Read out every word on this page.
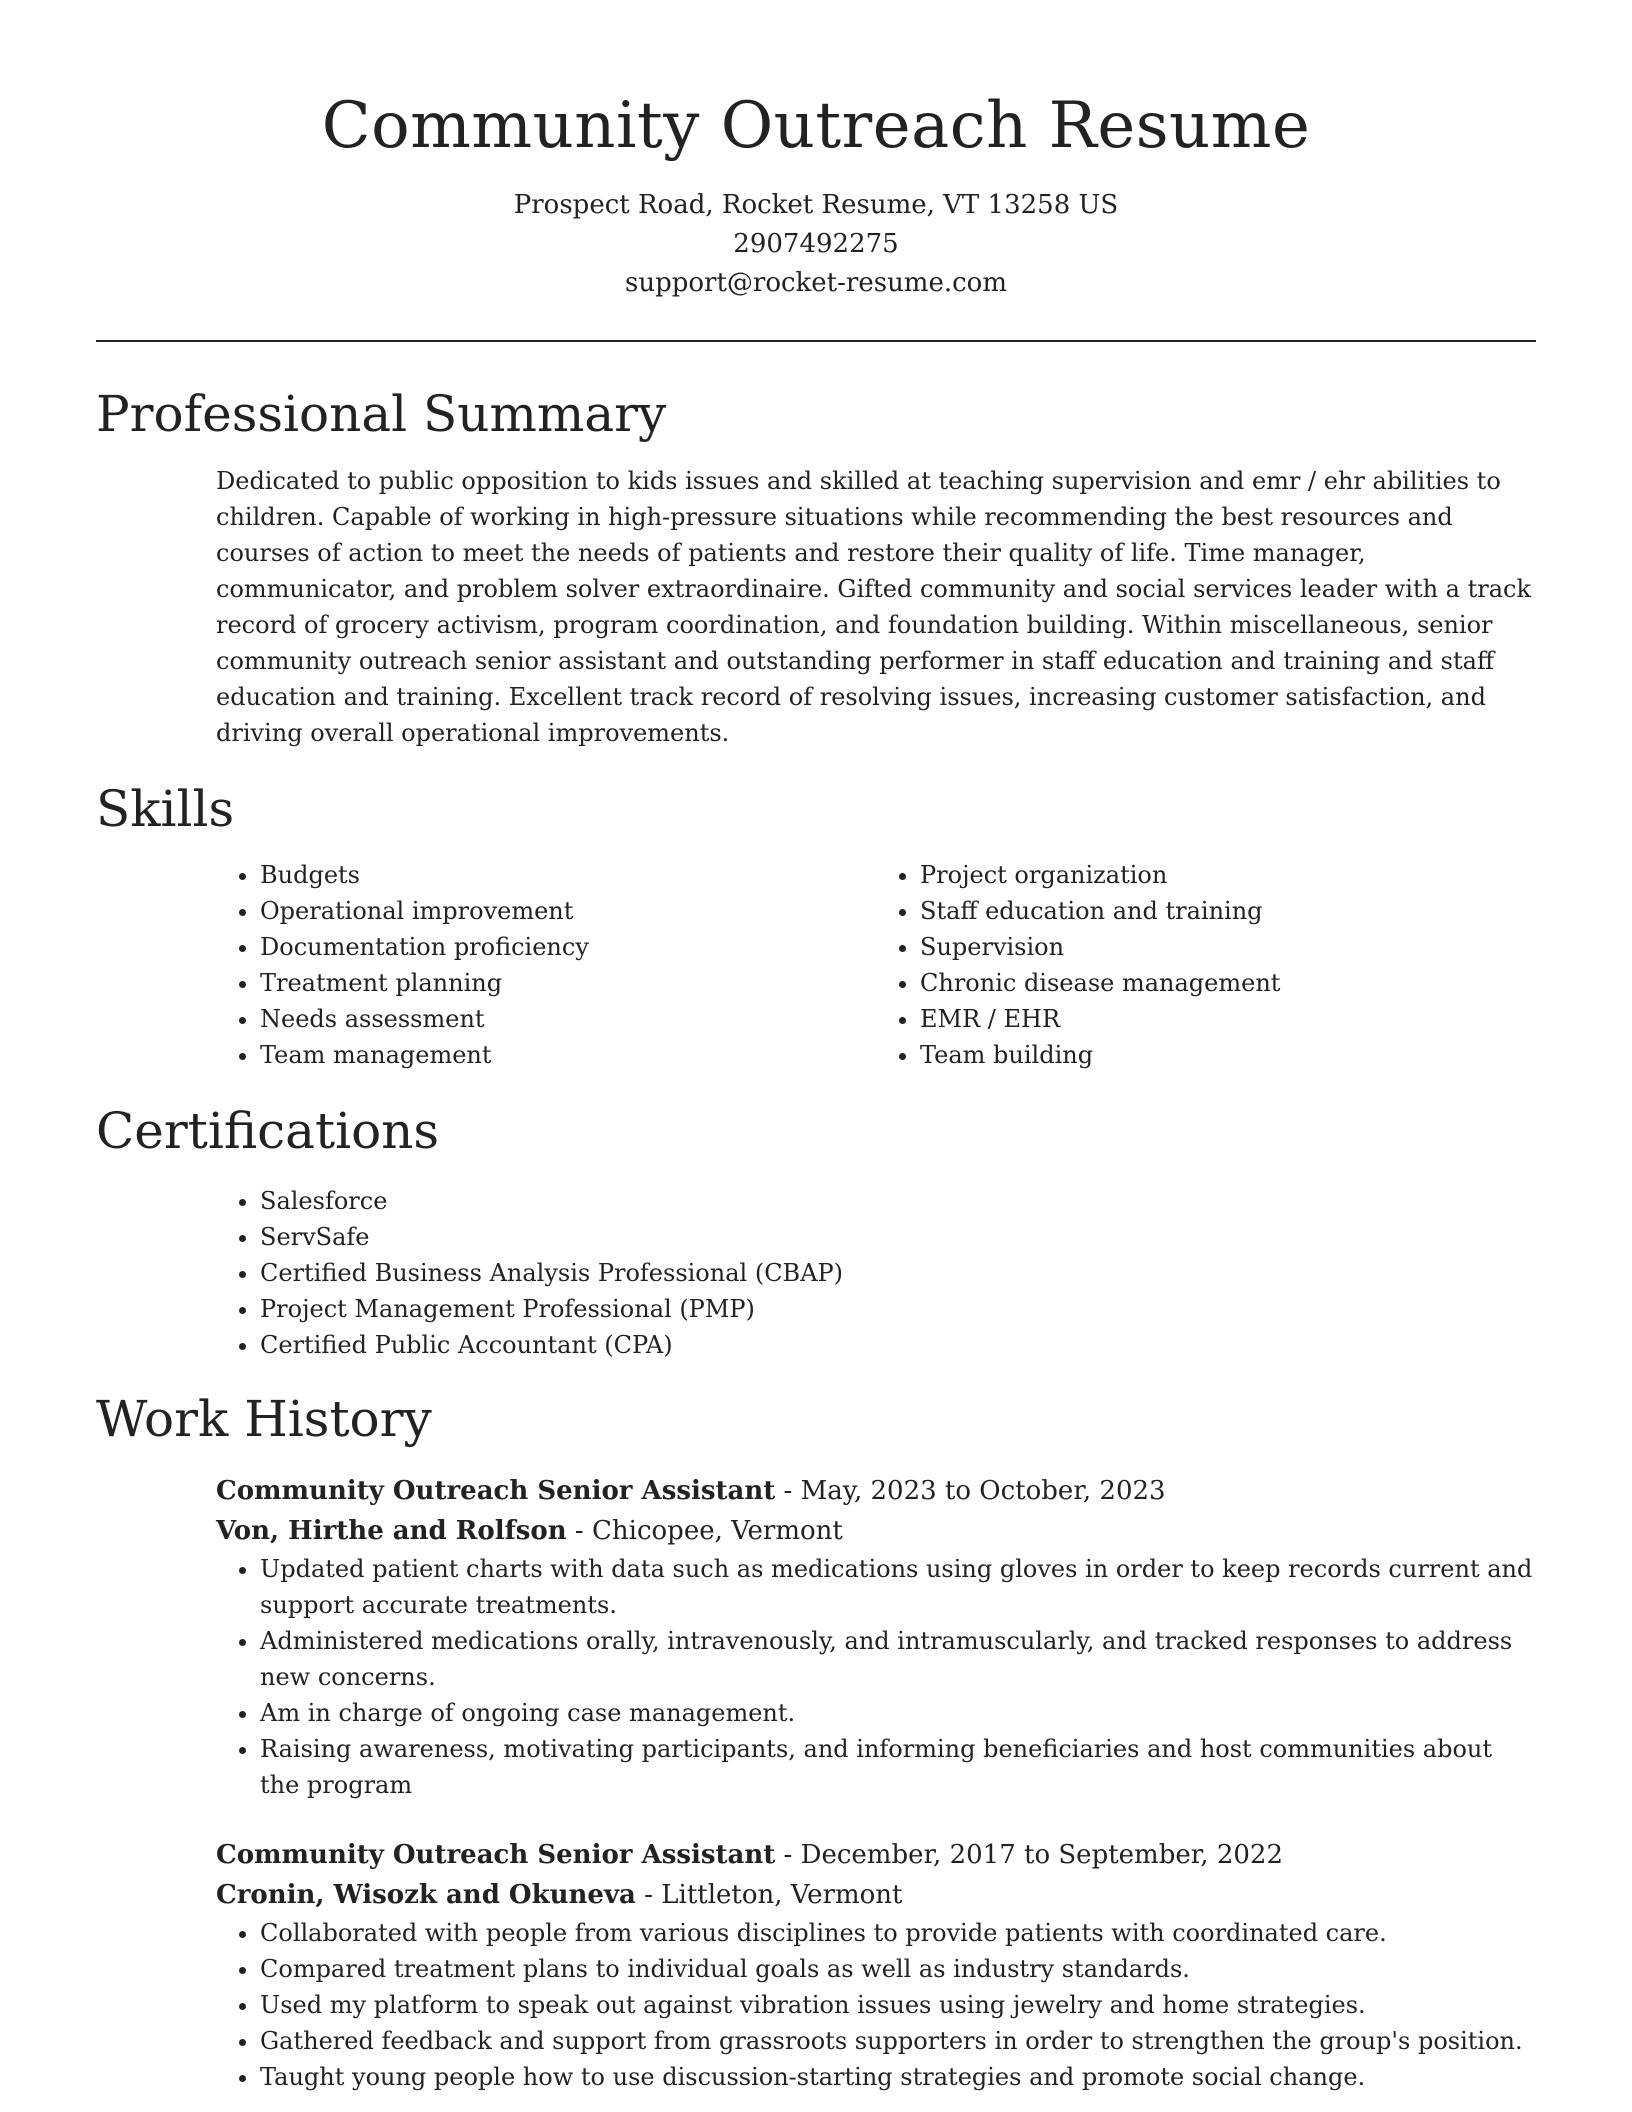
Community Outreach Resume
Prospect Road, Rocket Resume, VT 13258 US
2907492275
support@rocket-resume.com
Professional Summary

Dedicated to public opposition to kids issues and skilled at teaching supervision and emr / ehr abilities to children. Capable of working in high-pressure situations while recommending the best resources and courses of action to meet the needs of patients and restore their quality of life. Time manager, communicator, and problem solver extraordinaire. Gifted community and social services leader with a track record of grocery activism, program coordination, and foundation building. Within miscellaneous, senior community outreach senior assistant and outstanding performer in staff education and training and staff education and training. Excellent track record of resolving issues, increasing customer satisfaction, and driving overall operational improvements.

Skills
• Budgets
• Operational improvement
• Documentation proficiency
• Treatment planning
• Needs assessment
• Team management
• Project organization
• Staff education and training
• Supervision
• Chronic disease management
• EMR / EHR
• Team building
Certifications
• Salesforce
• ServSafe
• Certified Business Analysis Professional (CBAP)
• Project Management Professional (PMP)
• Certified Public Accountant (CPA)
Work History
Community Outreach Senior Assistant - May, 2023 to October, 2023
Von, Hirthe and Rolfson - Chicopee, Vermont
• Updated patient charts with data such as medications using gloves in order to keep records current and support accurate treatments.
• Administered medications orally, intravenously, and intramuscularly, and tracked responses to address new concerns.
• Am in charge of ongoing case management.
• Raising awareness, motivating participants, and informing beneficiaries and host communities about the program
Community Outreach Senior Assistant - December, 2017 to September, 2022
Cronin, Wisozk and Okuneva - Littleton, Vermont
• Collaborated with people from various disciplines to provide patients with coordinated care.
• Compared treatment plans to individual goals as well as industry standards.
• Used my platform to speak out against vibration issues using jewelry and home strategies.
• Gathered feedback and support from grassroots supporters in order to strengthen the group's position.
• Taught young people how to use discussion-starting strategies and promote social change.
